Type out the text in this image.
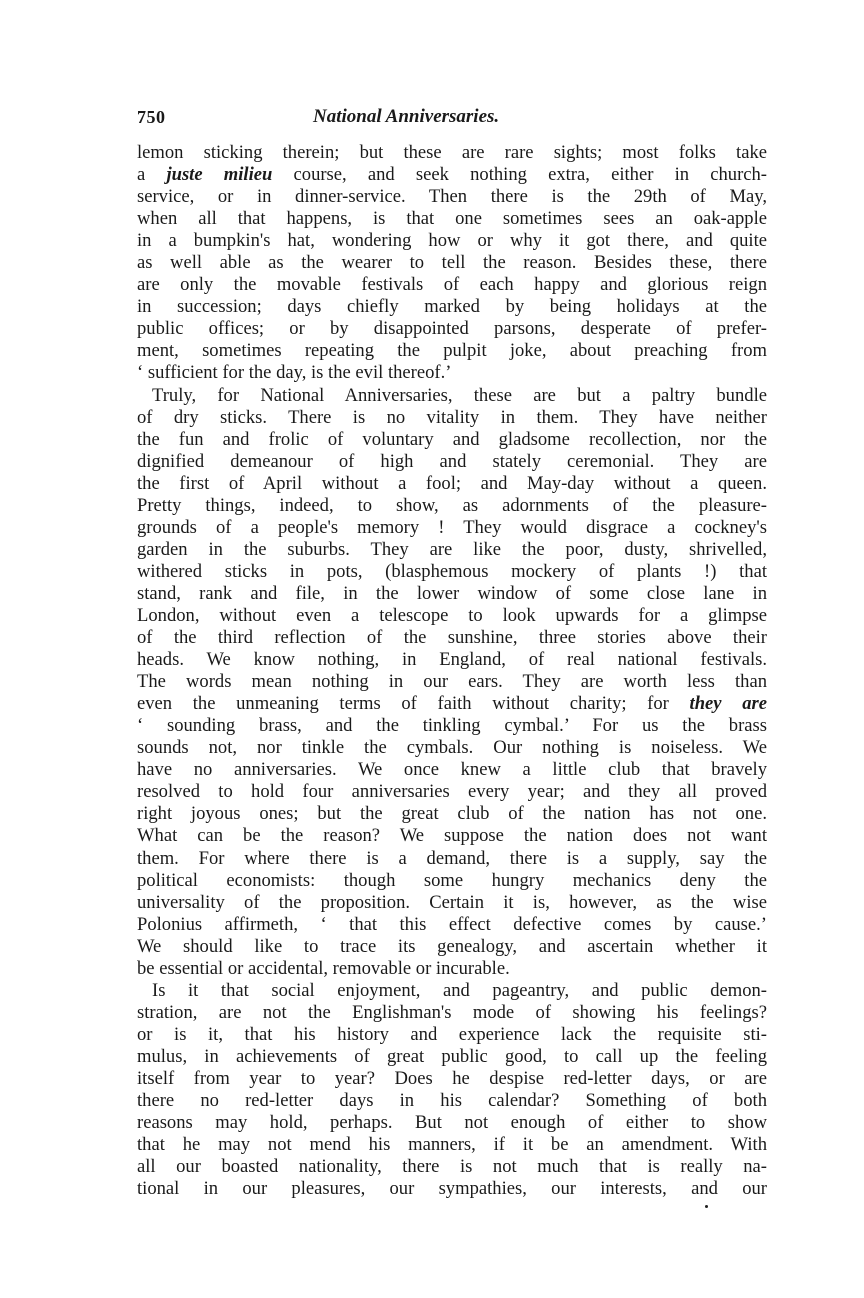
750	National Anniversaries.
lemon sticking therein; but these are rare sights; most folks take
a juste milieu course, and seek nothing extra, either in church-
service, or in dinner-service. Then there is the 29th of May,
when all that happens, is that one sometimes sees an oak-apple
in a bumpkin's hat, wondering how or why it got there, and quite
as well able as the wearer to tell the reason. Besides these, there
are only the movable festivals of each happy and glorious reign
in succession; days chiefly marked by being holidays at the
public offices; or by disappointed parsons, desperate of prefer-
ment, sometimes repeating the pulpit joke, about preaching from
‘ sufficient for the day, is the evil thereof.’
Truly, for National Anniversaries, these are but a paltry bundle
of dry sticks. There is no vitality in them. They have neither
the fun and frolic of voluntary and gladsome recollection, nor the
dignified demeanour of high and stately ceremonial. They are
the first of April without a fool; and May-day without a queen.
Pretty things, indeed, to show, as adornments of the pleasure-
grounds of a people's memory ! They would disgrace a cockney's
garden in the suburbs. They are like the poor, dusty, shrivelled,
withered sticks in pots, (blasphemous mockery of plants !) that
stand, rank and file, in the lower window of some close lane in
London, without even a telescope to look upwards for a glimpse
of the third reflection of the sunshine, three stories above their
heads. We know nothing, in England, of real national festivals.
The words mean nothing in our ears. They are worth less than
even the unmeaning terms of faith without charity; for they are
‘ sounding brass, and the tinkling cymbal.’ For us the brass
sounds not, nor tinkle the cymbals. Our nothing is noiseless. We
have no anniversaries. We once knew a little club that bravely
resolved to hold four anniversaries every year; and they all proved
right joyous ones; but the great club of the nation has not one.
What can be the reason? We suppose the nation does not want
them. For where there is a demand, there is a supply, say the
political economists: though some hungry mechanics deny the
universality of the proposition. Certain it is, however, as the wise
Polonius affirmeth, ‘ that this effect defective comes by cause.’
We should like to trace its genealogy, and ascertain whether it
be essential or accidental, removable or incurable.
Is it that social enjoyment, and pageantry, and public demon-
stration, are not the Englishman's mode of showing his feelings?
or is it, that his history and experience lack the requisite sti-
mulus, in achievements of great public good, to call up the feeling
itself from year to year? Does he despise red-letter days, or are
there no red-letter days in his calendar? Something of both
reasons may hold, perhaps. But not enough of either to show
that he may not mend his manners, if it be an amendment. With
all our boasted nationality, there is not much that is really na-
tional in our pleasures, our sympathies, our interests, and our
